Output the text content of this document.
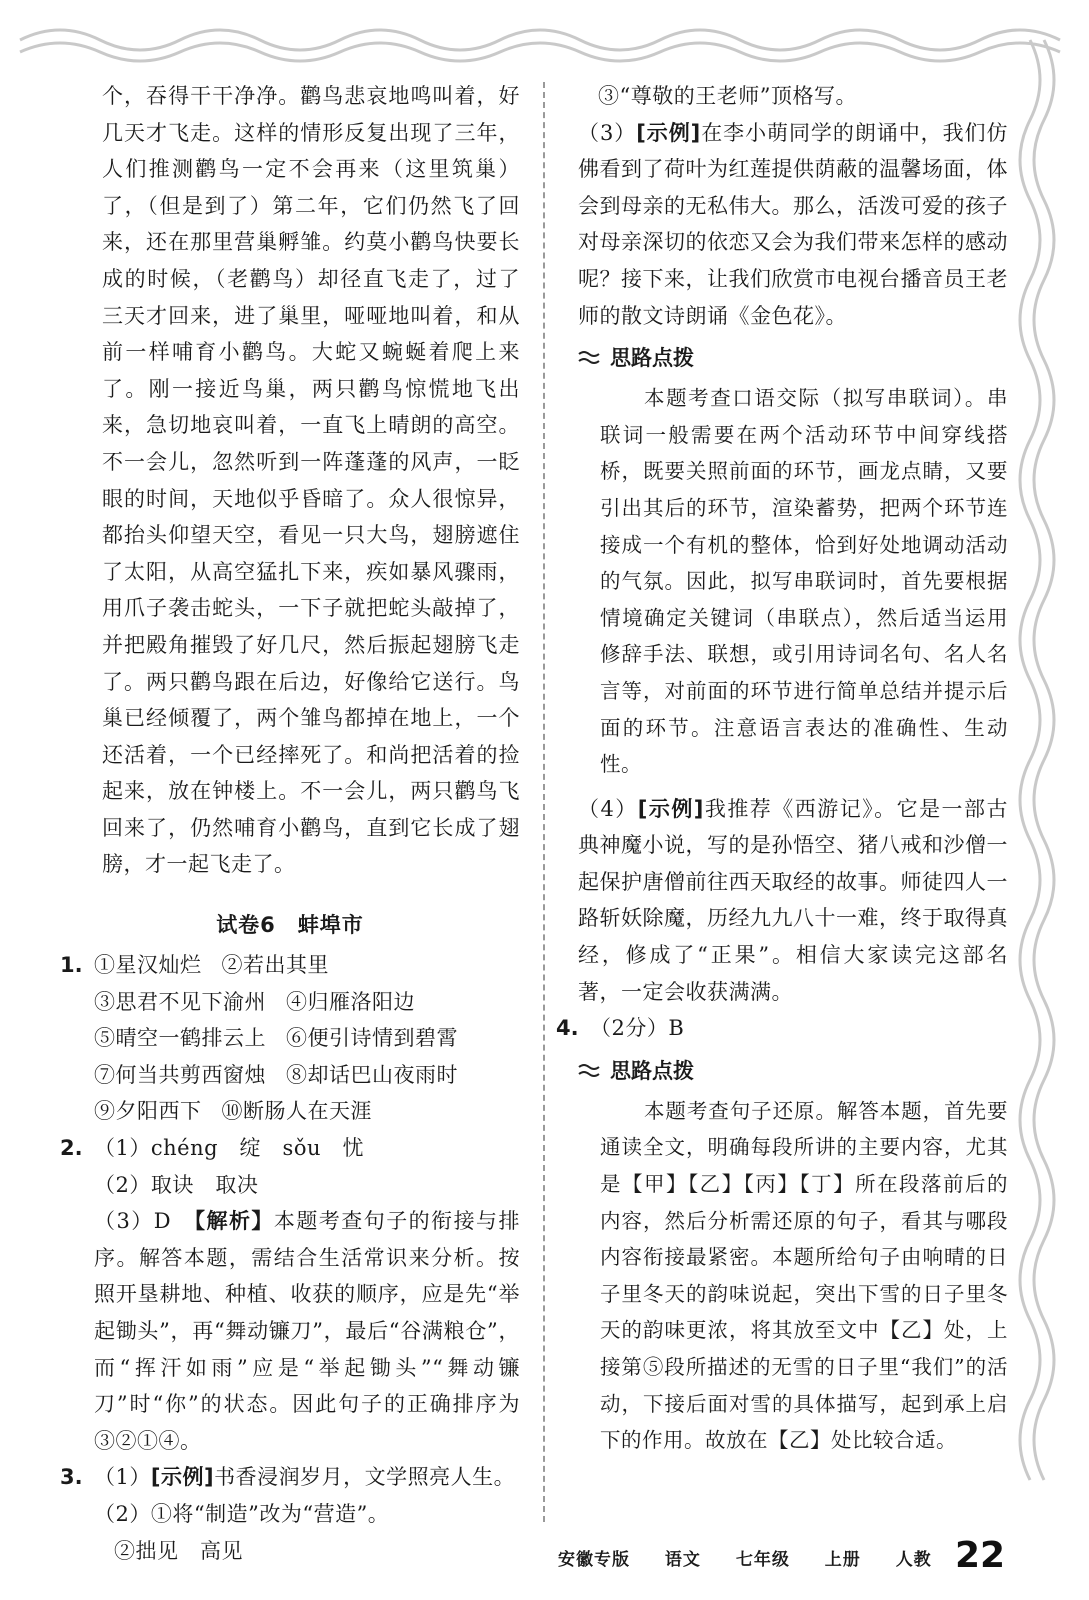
个，吞得干干净净。鹳鸟悲哀地鸣叫着，好几天才飞走。这样的情形反复出现了三年，人们推测鹳鸟一定不会再来（这里筑巢）了，（但是到了）第二年，它们仍然飞了回来，还在那里营巢孵雏。约莫小鹳鸟快要长成的时候，（老鹳鸟）却径直飞走了，过了三天才回来，进了巢里，哑哑地叫着，和从前一样哺育小鹳鸟。大蛇又蜿蜒着爬上来了。刚一接近鸟巢，两只鹳鸟惊慌地飞出来，急切地哀叫着，一直飞上晴朗的高空。不一会儿，忽然听到一阵蓬蓬的风声，一眨眼的时间，天地似乎昏暗了。众人很惊异，都抬头仰望天空，看见一只大鸟，翅膀遮住了太阳，从高空猛扎下来，疾如暴风骤雨，用爪子袭击蛇头，一下子就把蛇头敲掉了，并把殿角摧毁了好几尺，然后振起翅膀飞走了。两只鹳鸟跟在后边，好像给它送行。鸟巢已经倾覆了，两个雏鸟都掉在地上，一个还活着，一个已经摔死了。和尚把活着的捡起来，放在钟楼上。不一会儿，两只鹳鸟飞回来了，仍然哺育小鹳鸟，直到它长成了翅膀，才一起飞走了。

试卷6　蚌埠市
1. ①星汉灿烂 ②若出其里
③思君不见下渝州 ④归雁洛阳边
⑤晴空一鹤排云上 ⑥便引诗情到碧霄
⑦何当共剪西窗烛 ⑧却话巴山夜雨时
⑨夕阳西下 ⑩断肠人在天涯
2. （1）chéng　绽　sǒu　忧
（2）取诀　取决

（3）D　【解析】本题考查句子的衔接与排序。解答本题，需结合生活常识来分析。按照开垦耕地、种植、收获的顺序，应是先“举起锄头”，再“舞动镰刀”，最后“谷满粮仓”，而“挥汗如雨”应是“举起锄头”“舞动镰刀”时“你”的状态。因此句子的正确排序为③②①④。

3. （1）[示例]书香浸润岁月，文学照亮人生。
（2）①将“制造”改为“营造”。
②拙见　高见
③“尊敬的王老师”顶格写。

（3）[示例]在李小萌同学的朗诵中，我们仿佛看到了荷叶为红莲提供荫蔽的温馨场面，体会到母亲的无私伟大。那么，活泼可爱的孩子对母亲深切的依恋又会为我们带来怎样的感动呢？接下来，让我们欣赏市电视台播音员王老师的散文诗朗诵《金色花》。

思路点拨

本题考查口语交际（拟写串联词）。串联词一般需要在两个活动环节中间穿线搭桥，既要关照前面的环节，画龙点睛，又要引出其后的环节，渲染蓄势，把两个环节连接成一个有机的整体，恰到好处地调动活动的气氛。因此，拟写串联词时，首先要根据情境确定关键词（串联点），然后适当运用修辞手法、联想，或引用诗词名句、名人名言等，对前面的环节进行简单总结并提示后面的环节。注意语言表达的准确性、生动性。

（4）[示例]我推荐《西游记》。它是一部古典神魔小说，写的是孙悟空、猪八戒和沙僧一起保护唐僧前往西天取经的故事。师徒四人一路斩妖除魔，历经九九八十一难，终于取得真经，修成了“正果”。相信大家读完这部名著，一定会收获满满。

4. （2分）B
思路点拨

本题考查句子还原。解答本题，首先要通读全文，明确每段所讲的主要内容，尤其是【甲】【乙】【丙】【丁】所在段落前后的内容，然后分析需还原的句子，看其与哪段内容衔接最紧密。本题所给句子由响晴的日子里冬天的韵味说起，突出下雪的日子里冬天的韵味更浓，将其放至文中【乙】处，上接第⑤段所描述的无雪的日子里“我们”的活动，下接后面对雪的具体描写，起到承上启下的作用。故放在【乙】处比较合适。

安徽专版 语文 七年级 上册 人教 22
